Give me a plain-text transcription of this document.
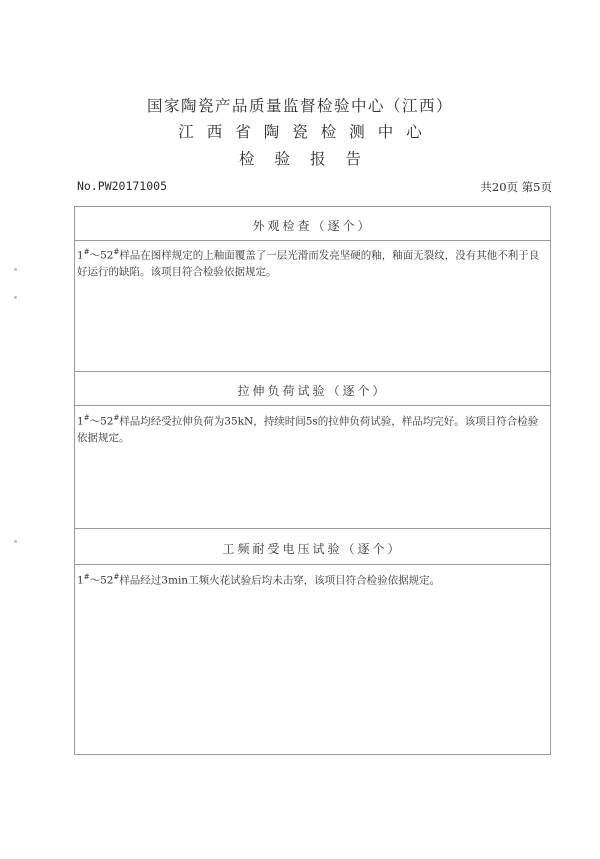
国家陶瓷产品质量监督检验中心（江西）
江西省陶瓷检测中心
检验报告
No.PW20171005	共20页 第5页
外观检查（逐个）
1#～52#样品在图样规定的上釉面覆盖了一层光滑而发亮坚硬的釉，釉面无裂纹，没有其他不利于良好运行的缺陷。该项目符合检验依据规定。
拉伸负荷试验（逐个）
1#～52#样品均经受拉伸负荷为35kN，持续时间5s的拉伸负荷试验，样品均完好。该项目符合检验依据规定。
工频耐受电压试验（逐个）
1#～52#样品经过3min工频火花试验后均未击穿，该项目符合检验依据规定。
